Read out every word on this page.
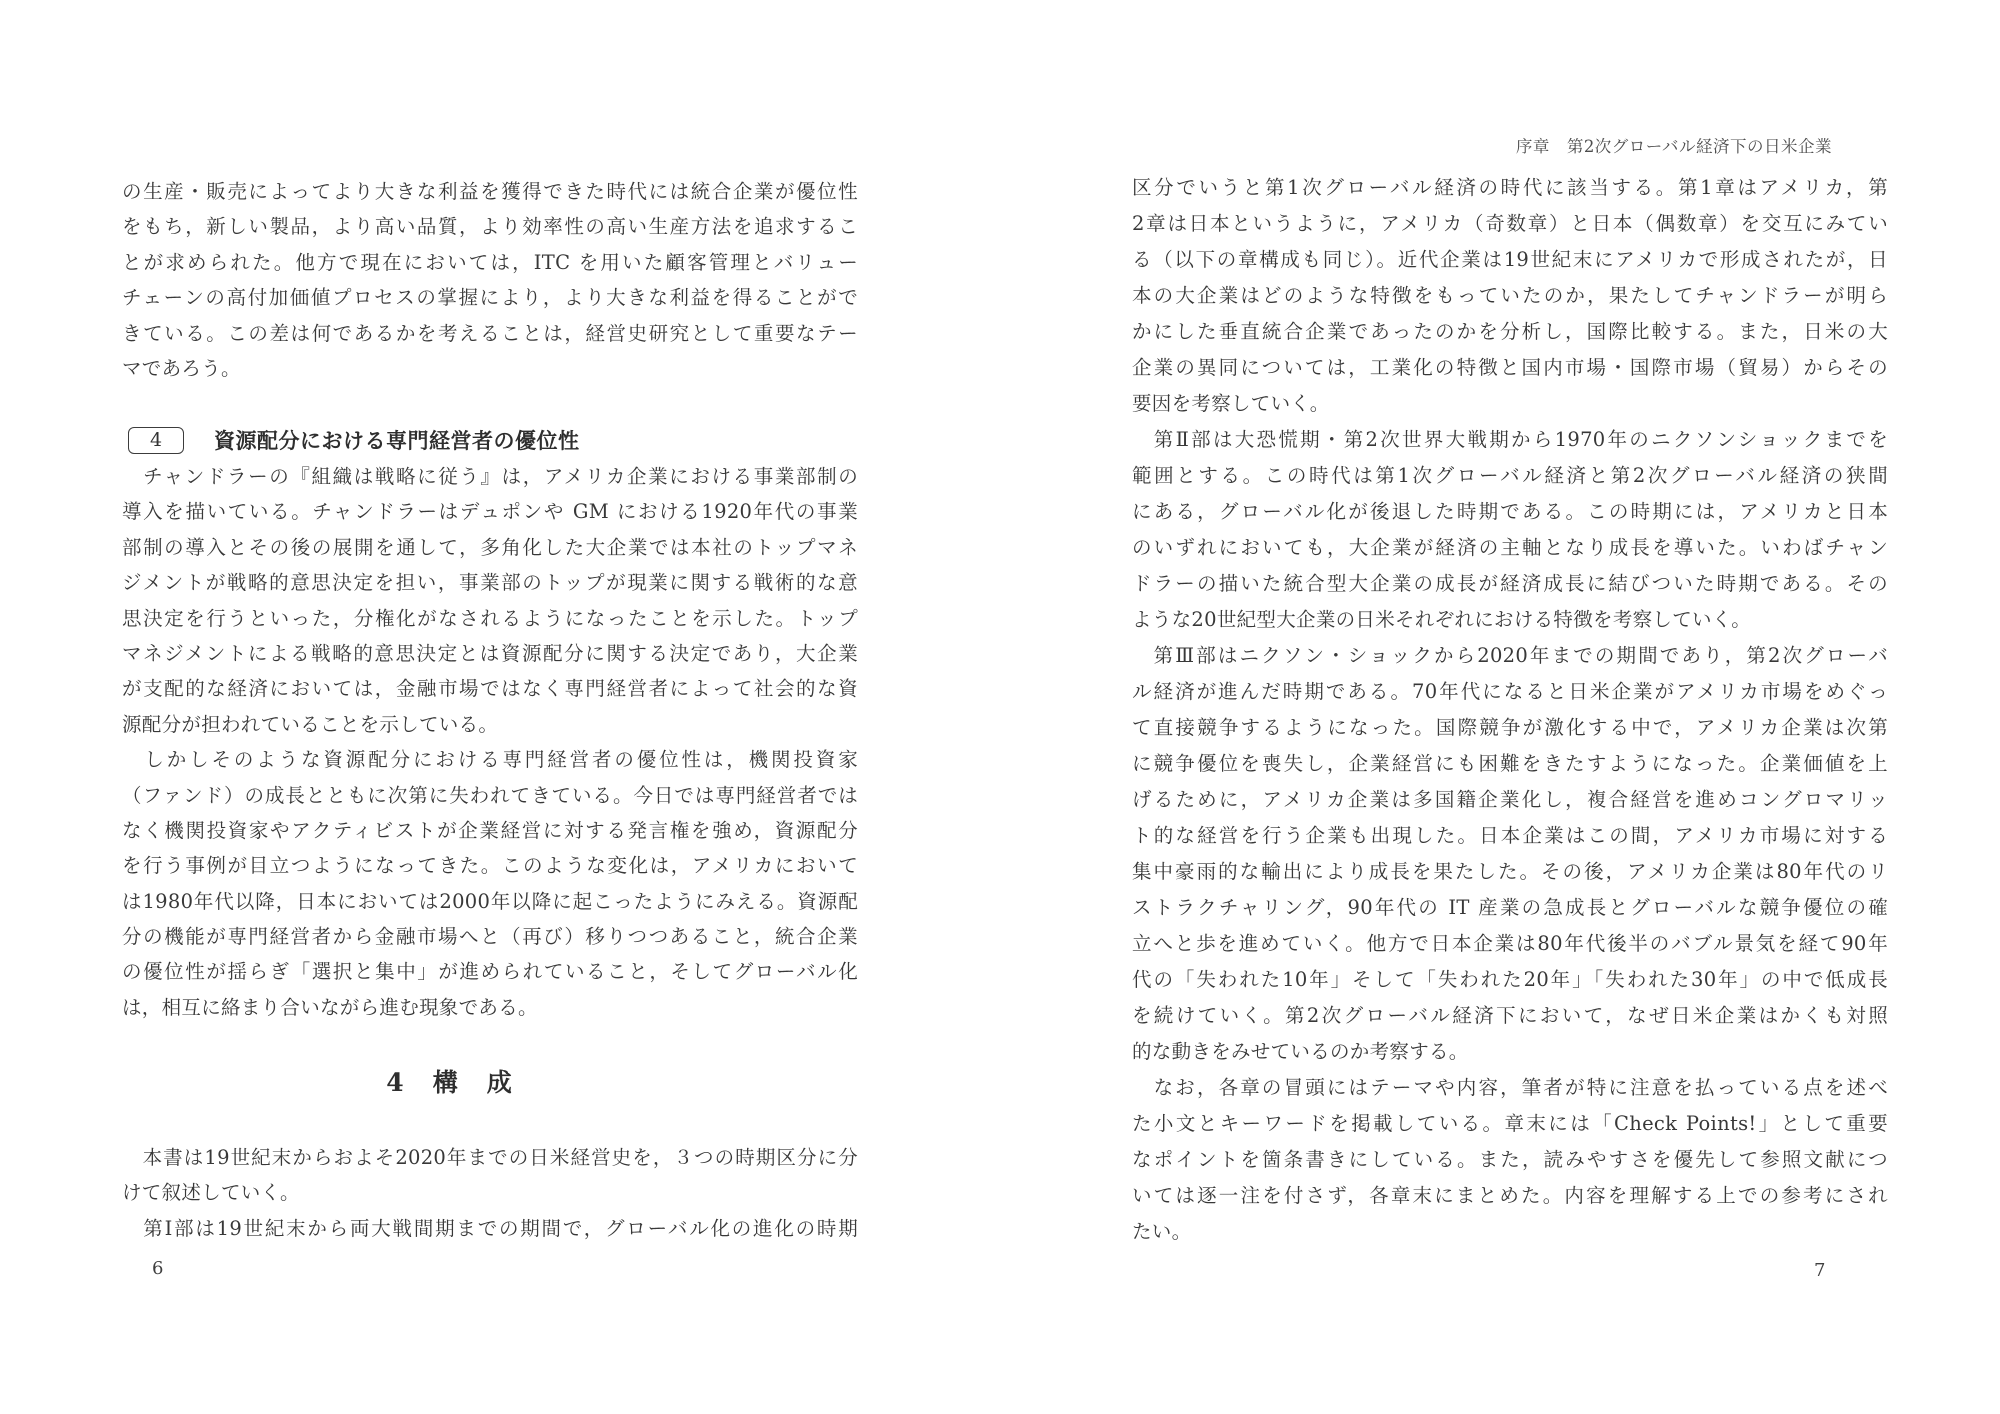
の生産・販売によってより大きな利益を獲得できた時代には統合企業が優位性
をもち，新しい製品，より高い品質，より効率性の高い生産方法を追求するこ
とが求められた。他方で現在においては，ITC を用いた顧客管理とバリュー
チェーンの高付加価値プロセスの掌握により，より大きな利益を得ることがで
きている。この差は何であるかを考えることは，経営史研究として重要なテー
マであろう。
4 資源配分における専門経営者の優位性
　チャンドラーの『組織は戦略に従う』は，アメリカ企業における事業部制の
導入を描いている。チャンドラーはデュポンや GM における1920年代の事業
部制の導入とその後の展開を通して，多角化した大企業では本社のトップマネ
ジメントが戦略的意思決定を担い，事業部のトップが現業に関する戦術的な意
思決定を行うといった，分権化がなされるようになったことを示した。トップ
マネジメントによる戦略的意思決定とは資源配分に関する決定であり，大企業
が支配的な経済においては，金融市場ではなく専門経営者によって社会的な資
源配分が担われていることを示している。
　しかしそのような資源配分における専門経営者の優位性は，機関投資家
（ファンド）の成長とともに次第に失われてきている。今日では専門経営者では
なく機関投資家やアクティビストが企業経営に対する発言権を強め，資源配分
を行う事例が目立つようになってきた。このような変化は，アメリカにおいて
は1980年代以降，日本においては2000年以降に起こったようにみえる。資源配
分の機能が専門経営者から金融市場へと（再び）移りつつあること，統合企業
の優位性が揺らぎ「選択と集中」が進められていること，そしてグローバル化
は，相互に絡まり合いながら進む現象である。
4　構　成
　本書は19世紀末からおよそ2020年までの日米経営史を，３つの時期区分に分
けて叙述していく。
　第Ⅰ部は19世紀末から両大戦間期までの期間で，グローバル化の進化の時期
6
序章　第2次グローバル経済下の日米企業
区分でいうと第1次グローバル経済の時代に該当する。第1章はアメリカ，第
2章は日本というように，アメリカ（奇数章）と日本（偶数章）を交互にみてい
る（以下の章構成も同じ）。近代企業は19世紀末にアメリカで形成されたが，日
本の大企業はどのような特徴をもっていたのか，果たしてチャンドラーが明ら
かにした垂直統合企業であったのかを分析し，国際比較する。また，日米の大
企業の異同については，工業化の特徴と国内市場・国際市場（貿易）からその
要因を考察していく。
　第Ⅱ部は大恐慌期・第2次世界大戦期から1970年のニクソンショックまでを
範囲とする。この時代は第1次グローバル経済と第2次グローバル経済の狭間
にある，グローバル化が後退した時期である。この時期には，アメリカと日本
のいずれにおいても，大企業が経済の主軸となり成長を導いた。いわばチャン
ドラーの描いた統合型大企業の成長が経済成長に結びついた時期である。その
ような20世紀型大企業の日米それぞれにおける特徴を考察していく。
　第Ⅲ部はニクソン・ショックから2020年までの期間であり，第2次グローバ
ル経済が進んだ時期である。70年代になると日米企業がアメリカ市場をめぐっ
て直接競争するようになった。国際競争が激化する中で，アメリカ企業は次第
に競争優位を喪失し，企業経営にも困難をきたすようになった。企業価値を上
げるために，アメリカ企業は多国籍企業化し，複合経営を進めコングロマリッ
ト的な経営を行う企業も出現した。日本企業はこの間，アメリカ市場に対する
集中豪雨的な輸出により成長を果たした。その後，アメリカ企業は80年代のリ
ストラクチャリング，90年代の IT 産業の急成長とグローバルな競争優位の確
立へと歩を進めていく。他方で日本企業は80年代後半のバブル景気を経て90年
代の「失われた10年」そして「失われた20年」「失われた30年」の中で低成長
を続けていく。第2次グローバル経済下において，なぜ日米企業はかくも対照
的な動きをみせているのか考察する。
　なお，各章の冒頭にはテーマや内容，筆者が特に注意を払っている点を述べ
た小文とキーワードを掲載している。章末には「Check Points!」として重要
なポイントを箇条書きにしている。また，読みやすさを優先して参照文献につ
いては逐一注を付さず，各章末にまとめた。内容を理解する上での参考にされ
たい。
7
